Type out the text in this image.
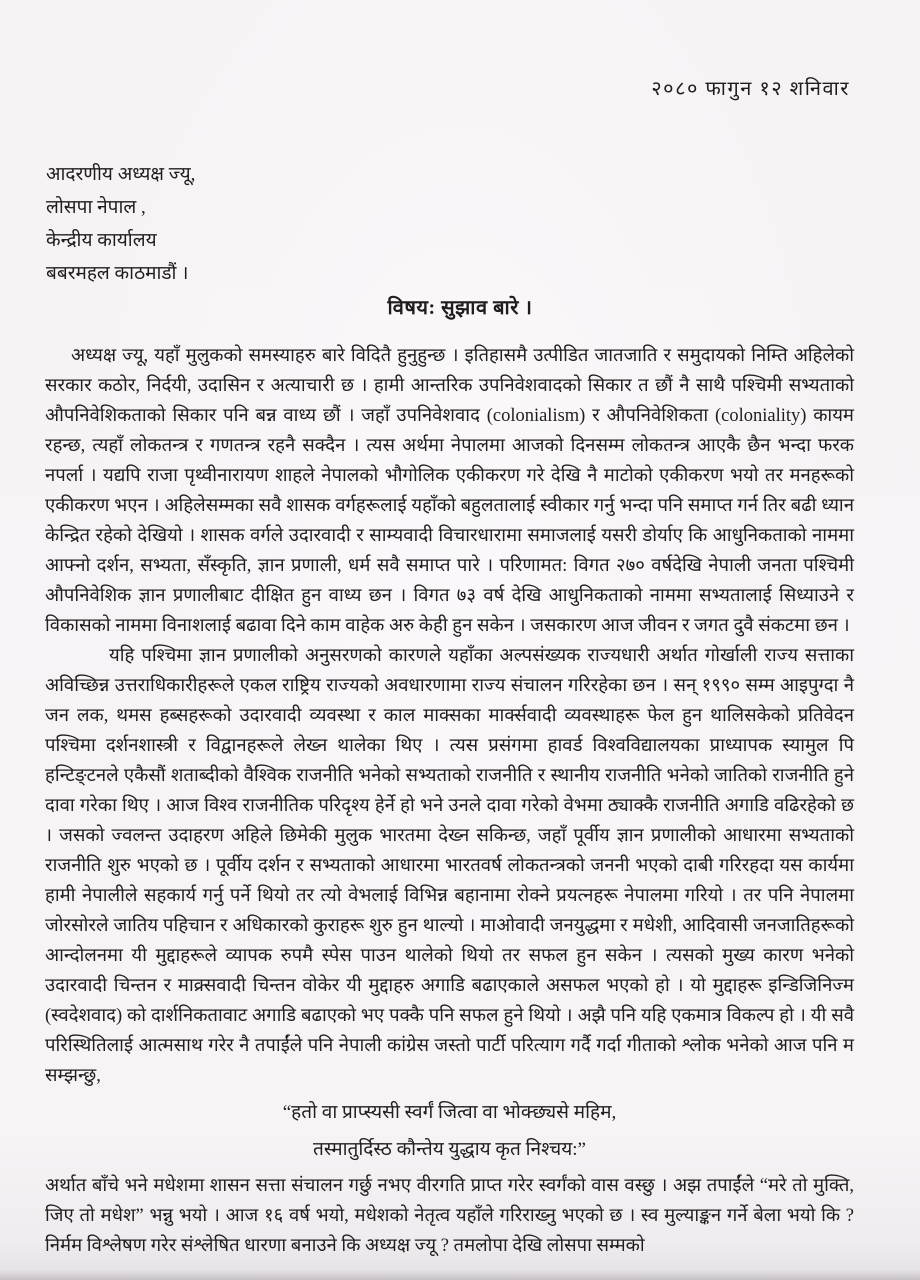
२०८० फागुन १२ शनिवार
आदरणीय अध्यक्ष ज्यू,
लोसपा नेपाल ,
केन्द्रीय कार्यालय
बबरमहल काठमाडौं ।
विषय: सुझाव बारे ।

अध्यक्ष ज्यू, यहाँ मुलुकको समस्याहरु बारे विदितै हुनुहुन्छ । इतिहासमै उत्पीडित जातजाति र समुदायको निम्ति अहिलेको सरकार कठोर, निर्दयी, उदासिन र अत्याचारी छ । हामी आन्तरिक उपनिवेशवादको सिकार त छौं नै साथै पश्चिमी सभ्यताको औपनिवेशिकताको सिकार पनि बन्न वाध्य छौं । जहाँ उपनिवेशवाद (colonialism) र औपनिवेशिकता (coloniality) कायम रहन्छ, त्यहाँ लोकतन्त्र र गणतन्त्र रहनै सक्दैन । त्यस अर्थमा नेपालमा आजको दिनसम्म लोकतन्त्र आएकै छैन भन्दा फरक नपर्ला । यद्यपि राजा पृथ्वीनारायण शाहले नेपालको भौगोलिक एकीकरण गरे देखि नै माटोको एकीकरण भयो तर मनहरूको एकीकरण भएन । अहिलेसम्मका सवै शासक वर्गहरूलाई यहाँको बहुलतालाई स्वीकार गर्नु भन्दा पनि समाप्त गर्न तिर बढी ध्यान केन्द्रित रहेको देखियो । शासक वर्गले उदारवादी र साम्यवादी विचारधारामा समाजलाई यसरी डोर्याए कि आधुनिकताको नाममा आफ्नो दर्शन, सभ्यता, सँस्कृति, ज्ञान प्रणाली, धर्म सवै समाप्त पारे । परिणामत: विगत २७० वर्षदेखि नेपाली जनता पश्चिमी औपनिवेशिक ज्ञान प्रणालीबाट दीक्षित हुन वाध्य छन । विगत ७३ वर्ष देखि आधुनिकताको नाममा सभ्यतालाई सिध्याउने र विकासको नाममा विनाशलाई बढावा दिने काम वाहेक अरु केही हुन सकेन । जसकारण आज जीवन र जगत दुवै संकटमा छन ।

यहि पश्चिमा ज्ञान प्रणालीको अनुसरणको कारणले यहाँका अल्पसंख्यक राज्यधारी अर्थात गोर्खाली राज्य सत्ताका अविच्छिन्न उत्तराधिकारीहरूले एकल राष्ट्रिय राज्यको अवधारणामा राज्य संचालन गरिरहेका छन । सन् १९९० सम्म आइपुग्दा नै जन लक, थमस हब्सहरूको उदारवादी व्यवस्था र काल माक्सका मार्क्सवादी व्यवस्थाहरू फेल हुन थालिसकेको प्रतिवेदन पश्चिमा दर्शनशास्त्री र विद्वानहरूले लेख्न थालेका थिए । त्यस प्रसंगमा हावर्ड विश्वविद्यालयका प्राध्यापक स्यामुल पि हन्टिङ्टनले एकैसौं शताब्दीको वैश्विक राजनीति भनेको सभ्यताको राजनीति र स्थानीय राजनीति भनेको जातिको राजनीति हुने दावा गरेका थिए । आज विश्व राजनीतिक परिदृश्य हेर्ने हो भने उनले दावा गरेको वेभमा ठ्याक्कै राजनीति अगाडि वढिरहेको छ । जसको ज्वलन्त उदाहरण अहिले छिमेकी मुलुक भारतमा देख्न सकिन्छ, जहाँ पूर्वीय ज्ञान प्रणालीको आधारमा सभ्यताको राजनीति शुरु भएको छ । पूर्वीय दर्शन र सभ्यताको आधारमा भारतवर्ष लोकतन्त्रको जननी भएको दाबी गरिरहदा यस कार्यमा हामी नेपालीले सहकार्य गर्नु पर्ने थियो तर त्यो वेभलाई विभिन्न बहानामा रोक्ने प्रयत्नहरू नेपालमा गरियो । तर पनि नेपालमा जोरसोरले जातिय पहिचान र अधिकारको कुराहरू शुरु हुन थाल्यो । माओवादी जनयुद्धमा र मधेशी, आदिवासी जनजातिहरूको आन्दोलनमा यी मुद्दाहरूले व्यापक रुपमै स्पेस पाउन थालेको थियो तर सफल हुन सकेन । त्यसको मुख्य कारण भनेको उदारवादी चिन्तन र माक्र्सवादी चिन्तन वोकेर यी मुद्दाहरु अगाडि बढाएकाले असफल भएको हो । यो मुद्दाहरू इन्डिजिनिज्म (स्वदेशवाद) को दार्शनिकतावाट अगाडि बढाएको भए पक्कै पनि सफल हुने थियो । अझै पनि यहि एकमात्र विकल्प हो । यी सवै परिस्थितिलाई आत्मसाथ गरेर नै तपाईंले पनि नेपाली कांग्रेस जस्तो पार्टी परित्याग गर्दै गर्दा गीताको श्लोक भनेको आज पनि म सम्झन्छु,

“हतो वा प्राप्स्यसी स्वर्गं जित्वा वा भोक्छ्यसे महिम,
तस्मातुर्दिस्ठ कौन्तेय युद्धाय कृत निश्चय:”

अर्थात बाँचे भने मधेशमा शासन सत्ता संचालन गर्छु नभए वीरगति प्राप्त गरेर स्वर्गंको वास वस्छु । अझ तपाईंले “मरे तो मुक्ति, जिए तो मधेश” भन्नु भयो । आज १६ वर्ष भयो, मधेशको नेतृत्व यहाँले गरिराख्नु भएको छ । स्व मुल्याङ्कन गर्ने बेला भयो कि ? निर्मम विश्लेषण गरेर संश्लेषित धारणा बनाउने कि अध्यक्ष ज्यू ? तमलोपा देखि लोसपा सम्मको
